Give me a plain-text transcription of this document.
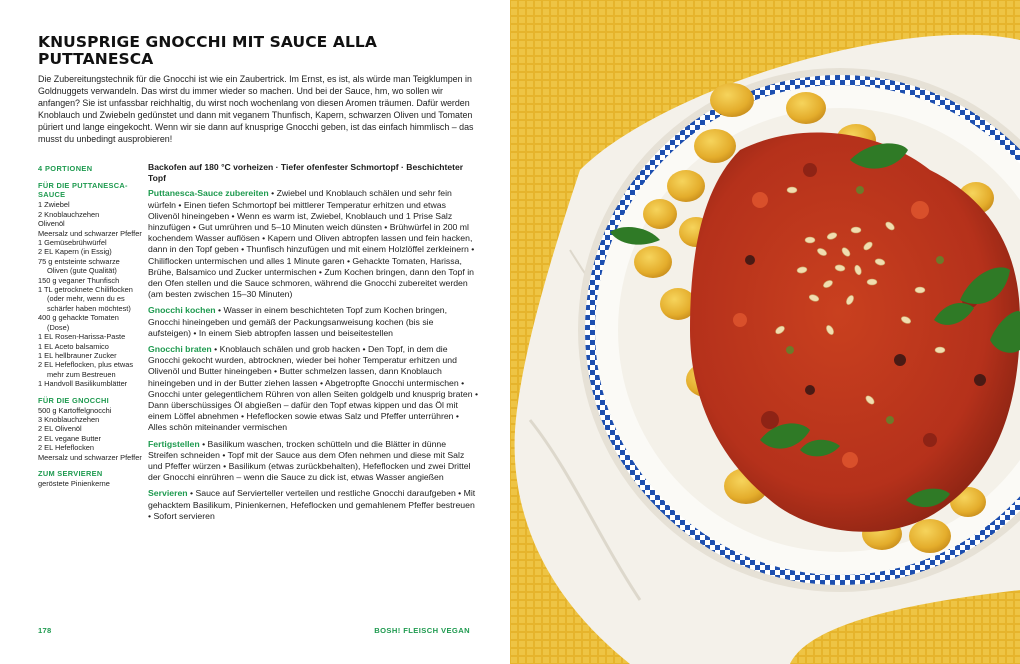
KNUSPRIGE GNOCCHI MIT SAUCE ALLA PUTTANESCA
Die Zubereitungstechnik für die Gnocchi ist wie ein Zaubertrick. Im Ernst, es ist, als würde man Teigklumpen in Goldnuggets verwandeln. Das wirst du immer wieder so machen. Und bei der Sauce, hm, wo sollen wir anfangen? Sie ist unfassbar reichhaltig, du wirst noch wochenlang von diesen Aromen träumen. Dafür werden Knoblauch und Zwiebeln gedünstet und dann mit veganem Thunfisch, Kapern, schwarzen Oliven und Tomaten püriert und lange eingekocht. Wenn wir sie dann auf knusprige Gnocchi geben, ist das einfach himmlisch – das musst du unbedingt ausprobieren!
4 PORTIONEN
FÜR DIE PUTTANESCA-SAUCE
1 Zwiebel
2 Knoblauchzehen
Olivenöl
Meersalz und schwarzer Pfeffer
1 Gemüsebrühwürfel
2 EL Kapern (in Essig)
75 g entsteinte schwarze Oliven (gute Qualität)
150 g veganer Thunfisch
1 TL getrocknete Chiliflocken (oder mehr, wenn du es schärfer haben möchtest)
400 g gehackte Tomaten (Dose)
1 EL Rosen-Harissa-Paste
1 EL Aceto balsamico
1 EL hellbrauner Zucker
2 EL Hefeflocken, plus etwas mehr zum Bestreuen
1 Handvoll Basilikumblätter
FÜR DIE GNOCCHI
500 g Kartoffelgnocchi
3 Knoblauchzehen
2 EL Olivenöl
2 EL vegane Butter
2 EL Hefeflocken
Meersalz und schwarzer Pfeffer
ZUM SERVIEREN
geröstete Pinienkerne
Backofen auf 180 °C vorheizen · Tiefer ofenfester Schmortopf · Beschichteter Topf
Puttanesca-Sauce zubereiten • Zwiebel und Knoblauch schälen und sehr fein würfeln • Einen tiefen Schmortopf bei mittlerer Temperatur erhitzen und etwas Olivenöl hineingeben • Wenn es warm ist, Zwiebel, Knoblauch und 1 Prise Salz hinzufügen • Gut umrühren und 5–10 Minuten weich dünsten • Brühwürfel in 200 ml kochendem Wasser auflösen • Kapern und Oliven abtropfen lassen und fein hacken, dann in den Topf geben • Thunfisch hinzufügen und mit einem Holzlöffel zerkleinern • Chiliflocken untermischen und alles 1 Minute garen • Gehackte Tomaten, Harissa, Brühe, Balsamico und Zucker untermischen • Zum Kochen bringen, dann den Topf in den Ofen stellen und die Sauce schmoren, während die Gnocchi zubereitet werden (am besten zwischen 15–30 Minuten)
Gnocchi kochen • Wasser in einem beschichteten Topf zum Kochen bringen, Gnocchi hineingeben und gemäß der Packungsanweisung kochen (bis sie aufsteigen) • In einem Sieb abtropfen lassen und beiseitestellen
Gnocchi braten • Knoblauch schälen und grob hacken • Den Topf, in dem die Gnocchi gekocht wurden, abtrocknen, wieder bei hoher Temperatur erhitzen und Olivenöl und Butter hineingeben • Butter schmelzen lassen, dann Knoblauch hineingeben und in der Butter ziehen lassen • Abgetropfte Gnocchi untermischen • Gnocchi unter gelegentlichem Rühren von allen Seiten goldgelb und knusprig braten • Dann überschüssiges Öl abgießen – dafür den Topf etwas kippen und das Öl mit einem Löffel abnehmen • Hefeflocken sowie etwas Salz und Pfeffer unterrühren • Alles schön miteinander vermischen
Fertigstellen • Basilikum waschen, trocken schütteln und die Blätter in dünne Streifen schneiden • Topf mit der Sauce aus dem Ofen nehmen und diese mit Salz und Pfeffer würzen • Basilikum (etwas zurückbehalten), Hefeflocken und zwei Drittel der Gnocchi einrühren – wenn die Sauce zu dick ist, etwas Wasser angießen
Servieren • Sauce auf Servierteller verteilen und restliche Gnocchi daraufgeben • Mit gehacktem Basilikum, Pinienkernen, Hefeflocken und gemahlenem Pfeffer bestreuen • Sofort servieren
178	BOSH! FLEISCH VEGAN
